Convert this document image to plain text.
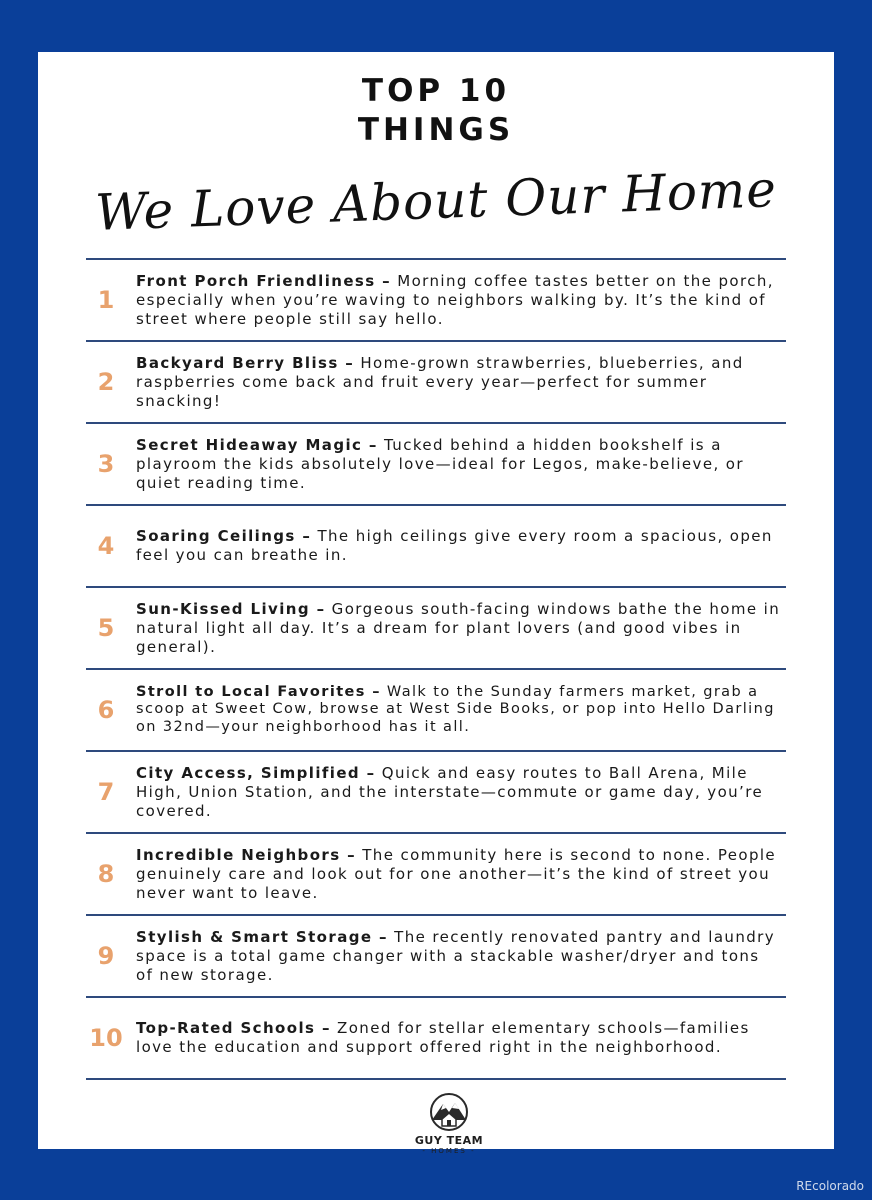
TOP 10
THINGS
We Love About Our Home
1

Front Porch Friendliness – Morning coffee tastes better on the porch, especially when you’re waving to neighbors walking by. It’s the kind of street where people still say hello.

2

Backyard Berry Bliss – Home-grown strawberries, blueberries, and raspberries come back and fruit every year—perfect for summer snacking!

3

Secret Hideaway Magic – Tucked behind a hidden bookshelf is a playroom the kids absolutely love—ideal for Legos, make-believe, or quiet reading time.

4	Soaring Ceilings – The high ceilings give every room a spacious, open feel you can breathe in.

5

Sun-Kissed Living – Gorgeous south-facing windows bathe the home in natural light all day. It’s a dream for plant lovers (and good vibes in general).

6

Stroll to Local Favorites – Walk to the Sunday farmers market, grab a scoop at Sweet Cow, browse at West Side Books, or pop into Hello Darling on 32nd—your neighborhood has it all.

7

City Access, Simplified – Quick and easy routes to Ball Arena, Mile High, Union Station, and the interstate—commute or game day, you’re covered.

8

Incredible Neighbors – The community here is second to none. People genuinely care and look out for one another—it’s the kind of street you never want to leave.

9

Stylish & Smart Storage – The recently renovated pantry and laundry space is a total game changer with a stackable washer/dryer and tons of new storage.

10 Top-Rated Schools – Zoned for stellar elementary schools—families love the education and support offered right in the neighborhood.

GUY TEAM
- HOMES -
REcolorado
